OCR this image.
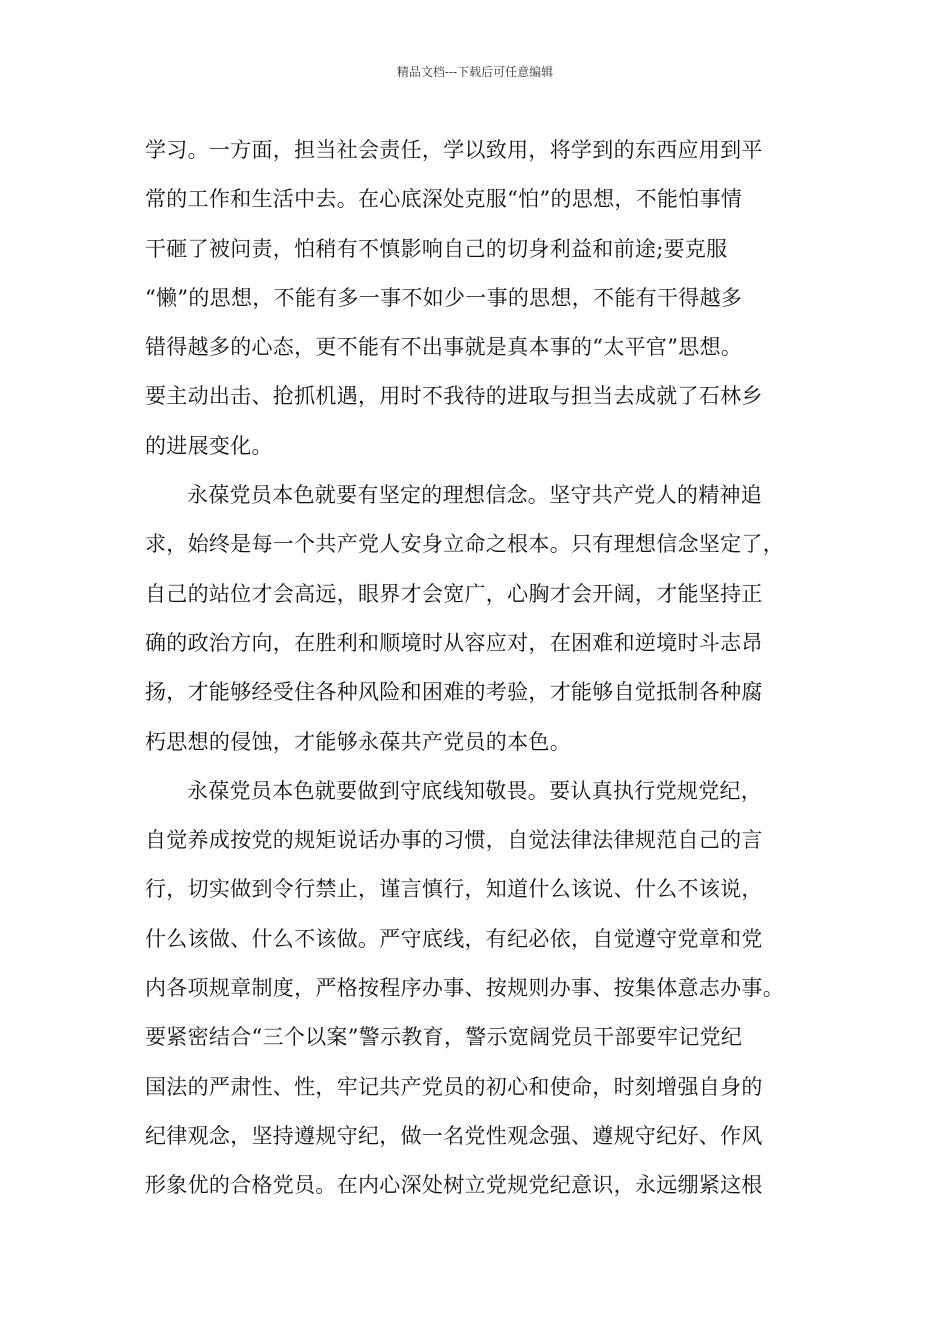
精品文档---下载后可任意编辑
学习。一方面，担当社会责任，学以致用，将学到的东西应用到平
常的工作和生活中去。在心底深处克服“怕”的思想，不能怕事情
干砸了被问责，怕稍有不慎影响自己的切身利益和前途;要克服
“懒”的思想，不能有多一事不如少一事的思想，不能有干得越多
错得越多的心态，更不能有不出事就是真本事的“太平官”思想。
要主动出击、抢抓机遇，用时不我待的进取与担当去成就了石林乡
的进展变化。
永葆党员本色就要有坚定的理想信念。坚守共产党人的精神追
求，始终是每一个共产党人安身立命之根本。只有理想信念坚定了，
自己的站位才会高远，眼界才会宽广，心胸才会开阔，才能坚持正
确的政治方向，在胜利和顺境时从容应对，在困难和逆境时斗志昂
扬，才能够经受住各种风险和困难的考验，才能够自觉抵制各种腐
朽思想的侵蚀，才能够永葆共产党员的本色。
永葆党员本色就要做到守底线知敬畏。要认真执行党规党纪，
自觉养成按党的规矩说话办事的习惯，自觉法律法律规范自己的言
行，切实做到令行禁止，谨言慎行，知道什么该说、什么不该说，
什么该做、什么不该做。严守底线，有纪必依，自觉遵守党章和党
内各项规章制度，严格按程序办事、按规则办事、按集体意志办事。
要紧密结合“三个以案”警示教育，警示宽阔党员干部要牢记党纪
国法的严肃性、性，牢记共产党员的初心和使命，时刻增强自身的
纪律观念，坚持遵规守纪，做一名党性观念强、遵规守纪好、作风
形象优的合格党员。在内心深处树立党规党纪意识，永远绷紧这根
